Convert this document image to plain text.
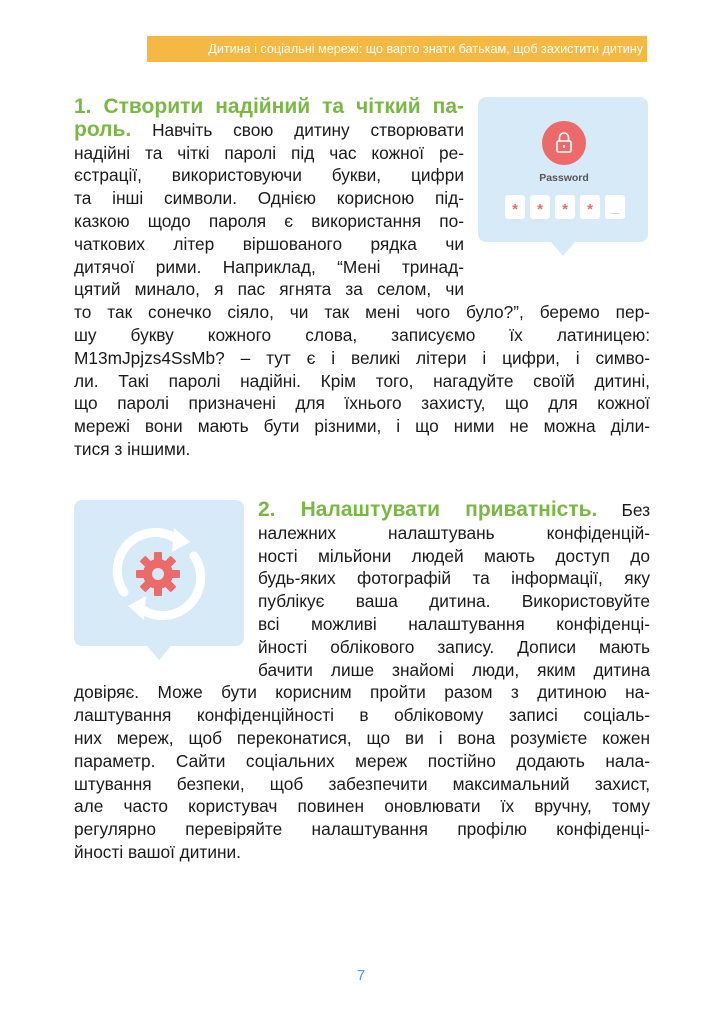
Дитина і соціальні мережі: що варто знати батькам, щоб захистити дитину
1. Створити надійний та чіткий па-
роль. Навчіть свою дитину створювати
надійні та чіткі паролі під час кожної ре-
єстрації, використовуючи букви, цифри
та інші символи. Однією корисною під-
казкою щодо пароля є використання по-
чаткових літер віршованого рядка чи
дитячої рими. Наприклад, “Мені тринад-
цятий минало, я пас ягнята за селом, чи
то так сонечко сіяло, чи так мені чого було?”, беремо пер-
шу букву кожного слова, записуємо їх латиницею:
M13mJpjzs4SsMb? – тут є і великі літери і цифри, і симво-
ли. Такі паролі надійні. Крім того, нагадуйте своїй дитині,
що паролі призначені для їхнього захисту, що для кожної
мережі вони мають бути різними, і що ними не можна діли-
тися з іншими.
Password
* * * * _
2. Налаштувати приватність. Без
належних налаштувань конфіденцій-
ності мільйони людей мають доступ до
будь-яких фотографій та інформації, яку
публікує ваша дитина. Використовуйте
всі можливі налаштування конфіденці-
йності облікового запису. Дописи мають
бачити лише знайомі люди, яким дитина
довіряє. Може бути корисним пройти разом з дитиною на-
лаштування конфіденційності в обліковому записі соціаль-
них мереж, щоб переконатися, що ви і вона розумієте кожен
параметр. Сайти соціальних мереж постійно додають нала-
штування безпеки, щоб забезпечити максимальний захист,
але часто користувач повинен оновлювати їх вручну, тому
регулярно перевіряйте налаштування профілю конфіденці-
йності вашої дитини.
7
